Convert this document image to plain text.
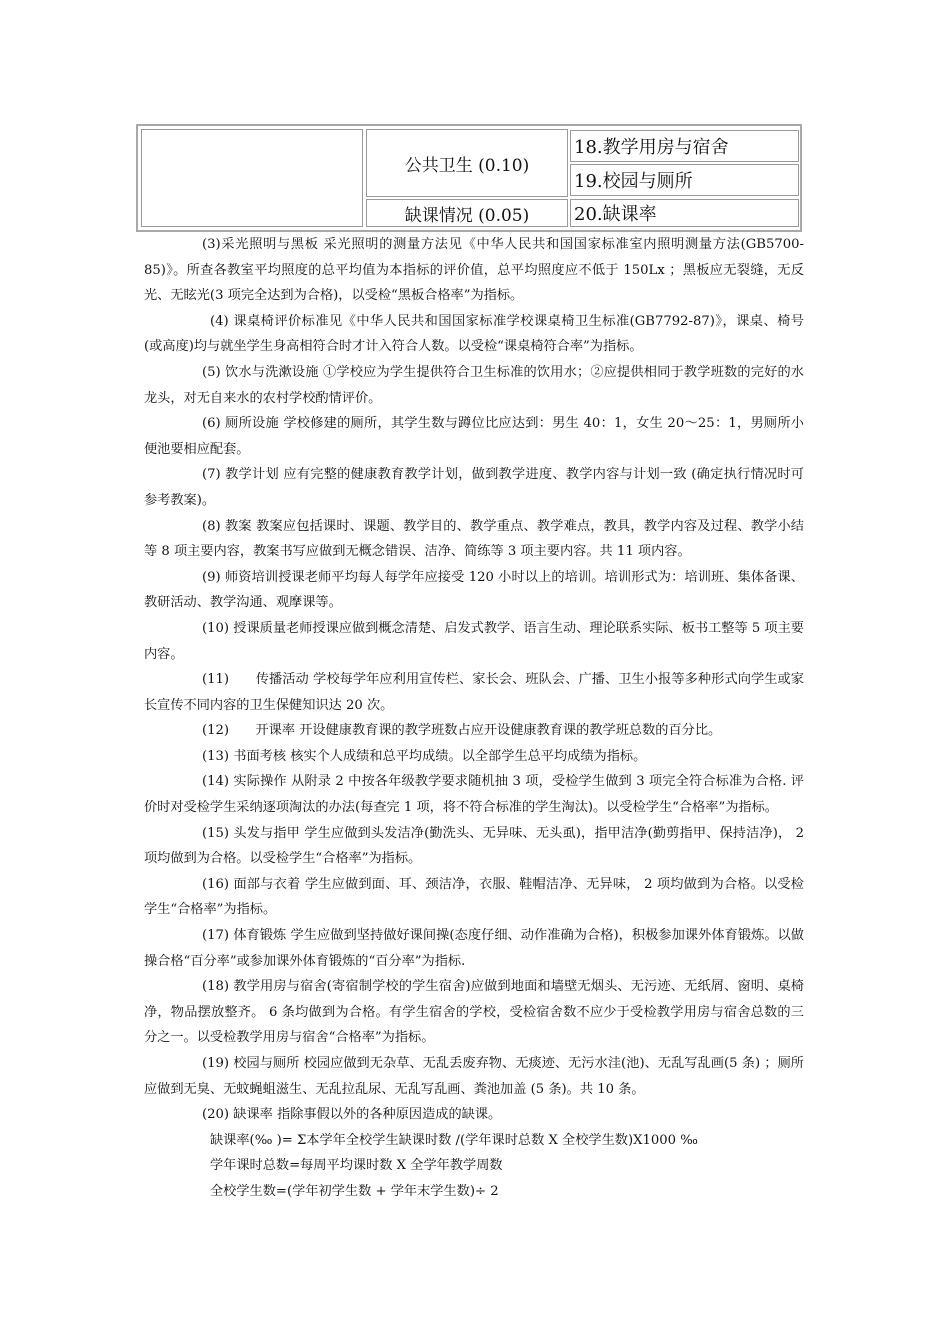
公共卫生 (0.10)
缺课情况 (0.05)
18.教学用房与宿舍
19.校园与厕所
20.缺课率

(3)采光照明与黑板 采光照明的测量方法见《中华人民共和国国家标准室内照明测量方法(GB5700-85)》。所查各教室平均照度的总平均值为本指标的评价值，总平均照度应不低于 150Lx ；黑板应无裂缝，无反光、无眩光(3 项完全达到为合格)，以受检“黑板合格率”为指标。

(4) 课桌椅评价标准见《中华人民共和国国家标准学校课桌椅卫生标准(GB7792-87)》，课桌、椅号(或高度)均与就坐学生身高相符合时才计入符合人数。以受检“课桌椅符合率”为指标。

(5) 饮水与洗漱设施 ①学校应为学生提供符合卫生标准的饮用水；②应提供相同于教学班数的完好的水龙头，对无自来水的农村学校酌情评价。

(6) 厕所设施 学校修建的厕所，其学生数与蹲位比应达到：男生 40：1，女生 20～25：1，男厕所小便池要相应配套。

(7) 教学计划 应有完整的健康教育教学计划，做到教学进度、教学内容与计划一致 (确定执行情况时可参考教案)。

(8) 教案 教案应包括课时、课题、教学目的、教学重点、教学难点，教具，教学内容及过程、教学小结等 8 项主要内容，教案书写应做到无概念错误、洁净、简练等 3 项主要内容。共 11 项内容。

(9) 师资培训授课老师平均每人每学年应接受 120 小时以上的培训。培训形式为：培训班、集体备课、教研活动、教学沟通、观摩课等。

(10) 授课质量老师授课应做到概念清楚、启发式教学、语言生动、理论联系实际、板书工整等 5 项主要内容。

(11)　　传播活动 学校每学年应利用宣传栏、家长会、班队会、广播、卫生小报等多种形式向学生或家长宣传不同内容的卫生保健知识达 20 次。

(12)　　开课率 开设健康教育课的教学班数占应开设健康教育课的教学班总数的百分比。

(13) 书面考核 核实个人成绩和总平均成绩。以全部学生总平均成绩为指标。

(14) 实际操作 从附录 2 中按各年级教学要求随机抽 3 项，受检学生做到 3 项完全符合标准为合格. 评价时对受检学生采纳逐项淘汰的办法(每查完 1 项，将不符合标准的学生淘汰)。以受检学生“合格率”为指标。

(15) 头发与指甲 学生应做到头发洁净(勤洗头、无异味、无头虱)，指甲洁净(勤剪指甲、保持洁净)， 2 项均做到为合格。以受检学生“合格率”为指标。

(16) 面部与衣着 学生应做到面、耳、颈洁净，衣服、鞋帽洁净、无异味， 2 项均做到为合格。以受检学生“合格率”为指标。

(17) 体育锻炼 学生应做到坚持做好课间操(态度仔细、动作准确为合格)，积极参加课外体育锻炼。以做操合格“百分率”或参加课外体育锻炼的“百分率”为指标.

(18) 教学用房与宿舍(寄宿制学校的学生宿舍)应做到地面和墙壁无烟头、无污迹、无纸屑、窗明、桌椅净，物品摆放整齐。 6 条均做到为合格。有学生宿舍的学校，受检宿舍数不应少于受检教学用房与宿舍总数的三分之一。以受检教学用房与宿舍“合格率”为指标。

(19) 校园与厕所 校园应做到无杂草、无乱丢废弃物、无痰迹、无污水洼(池)、无乱写乱画(5 条) ；厕所应做到无臭、无蚊蝇蛆滋生、无乱拉乱尿、无乱写乱画、粪池加盖 (5 条)。共 10 条。

(20) 缺课率 指除事假以外的各种原因造成的缺课。

缺课率(‰ )= Σ本学年全校学生缺课时数 /(学年课时总数 X 全校学生数)X1000 ‰

学年课时总数=每周平均课时数 X 全学年教学周数

全校学生数=(学年初学生数 + 学年末学生数)÷ 2
